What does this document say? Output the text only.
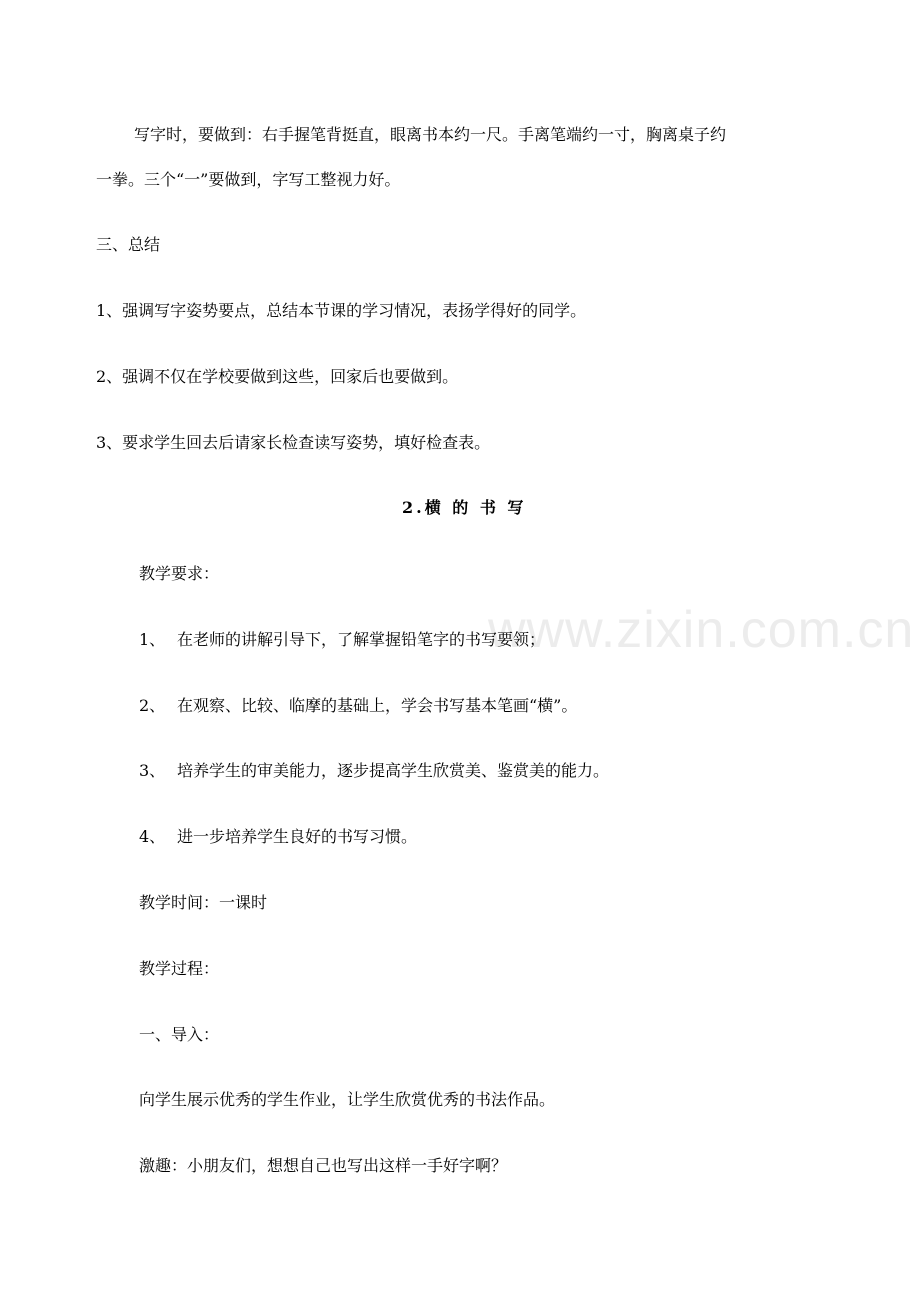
www.zixin.com.cn
写字时，要做到：右手握笔背挺直，眼离书本约一尺。手离笔端约一寸，胸离桌子约
一拳。三个“一”要做到，字写工整视力好。
三、总结
1、强调写字姿势要点，总结本节课的学习情况，表扬学得好的同学。
2、强调不仅在学校要做到这些，回家后也要做到。
3、要求学生回去后请家长检查读写姿势，填好检查表。
2.横 的 书 写
教学要求：
1、 在老师的讲解引导下，了解掌握铅笔字的书写要领；
2、 在观察、比较、临摩的基础上，学会书写基本笔画“横”。
3、 培养学生的审美能力，逐步提高学生欣赏美、鉴赏美的能力。
4、 进一步培养学生良好的书写习惯。
教学时间：一课时
教学过程：
一、导入：
向学生展示优秀的学生作业，让学生欣赏优秀的书法作品。
激趣：小朋友们，想想自己也写出这样一手好字啊？
